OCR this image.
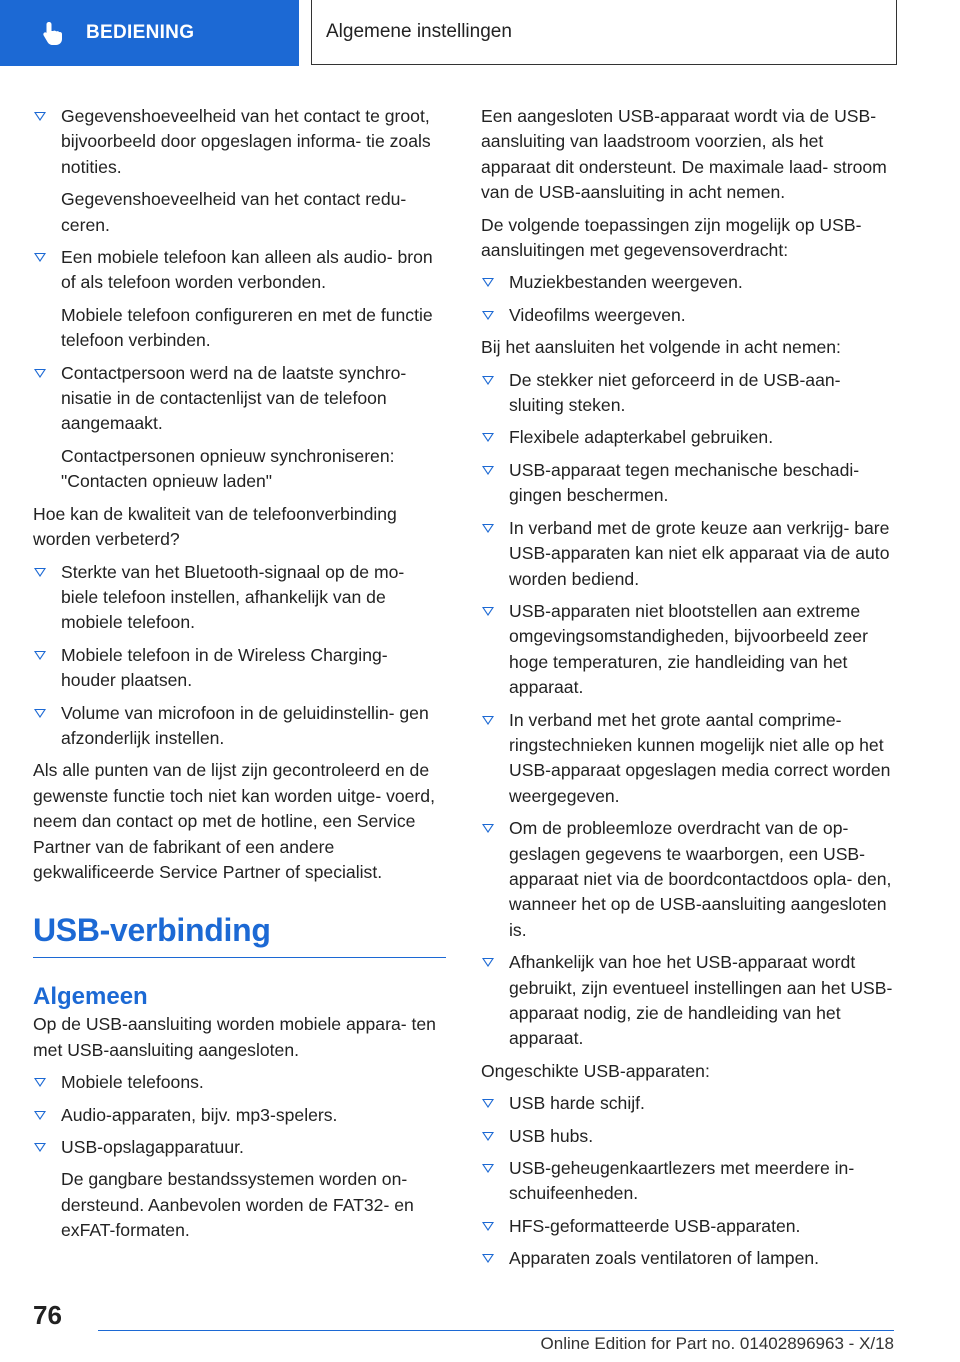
BEDIENING	Algemene instellingen
Gegevenshoeveelheid van het contact te groot, bijvoorbeeld door opgeslagen informa- tie zoals notities.
Gegevenshoeveelheid van het contact redu- ceren.
Een mobiele telefoon kan alleen als audio- bron of als telefoon worden verbonden.
Mobiele telefoon configureren en met de functie telefoon verbinden.
Contactpersoon werd na de laatste synchro- nisatie in de contactenlijst van de telefoon aangemaakt.
Contactpersonen opnieuw synchroniseren: "Contacten opnieuw laden"

Hoe kan de kwaliteit van de telefoonverbinding worden verbeterd?

Sterkte van het Bluetooth-signaal op de mo- biele telefoon instellen, afhankelijk van de mobiele telefoon.
Mobiele telefoon in de Wireless Charging- houder plaatsen.
Volume van microfoon in de geluidinstellin- gen afzonderlijk instellen.

Als alle punten van de lijst zijn gecontroleerd en de gewenste functie toch niet kan worden uitge- voerd, neem dan contact op met de hotline, een Service Partner van de fabrikant of een andere gekwalificeerde Service Partner of specialist.

USB-verbinding
Algemeen

Op de USB-aansluiting worden mobiele appara- ten met USB-aansluiting aangesloten.

Mobiele telefoons.
Audio-apparaten, bijv. mp3-spelers.
USB-opslagapparatuur.
De gangbare bestandssystemen worden on- dersteund. Aanbevolen worden de FAT32- en exFAT-formaten.

Een aangesloten USB-apparaat wordt via de USB-aansluiting van laadstroom voorzien, als het apparaat dit ondersteunt. De maximale laad- stroom van de USB-aansluiting in acht nemen.

De volgende toepassingen zijn mogelijk op USB- aansluitingen met gegevensoverdracht:

Muziekbestanden weergeven.
Videofilms weergeven.

Bij het aansluiten het volgende in acht nemen:

De stekker niet geforceerd in de USB-aan- sluiting steken.
Flexibele adapterkabel gebruiken.
USB-apparaat tegen mechanische beschadi- gingen beschermen.
In verband met de grote keuze aan verkrijg- bare USB-apparaten kan niet elk apparaat via de auto worden bediend.
USB-apparaten niet blootstellen aan extreme omgevingsomstandigheden, bijvoorbeeld zeer hoge temperaturen, zie handleiding van het apparaat.
In verband met het grote aantal comprime- ringstechnieken kunnen mogelijk niet alle op het USB-apparaat opgeslagen media correct worden weergegeven.
Om de probleemloze overdracht van de op- geslagen gegevens te waarborgen, een USB- apparaat niet via de boordcontactdoos opla- den, wanneer het op de USB-aansluiting aangesloten is.
Afhankelijk van hoe het USB-apparaat wordt gebruikt, zijn eventueel instellingen aan het USB-apparaat nodig, zie de handleiding van het apparaat.

Ongeschikte USB-apparaten:

USB harde schijf.
USB hubs.
USB-geheugenkaartlezers met meerdere in- schuifeenheden.
HFS-geformatteerde USB-apparaten.
Apparaten zoals ventilatoren of lampen.
76
Online Edition for Part no. 01402896963 - X/18
